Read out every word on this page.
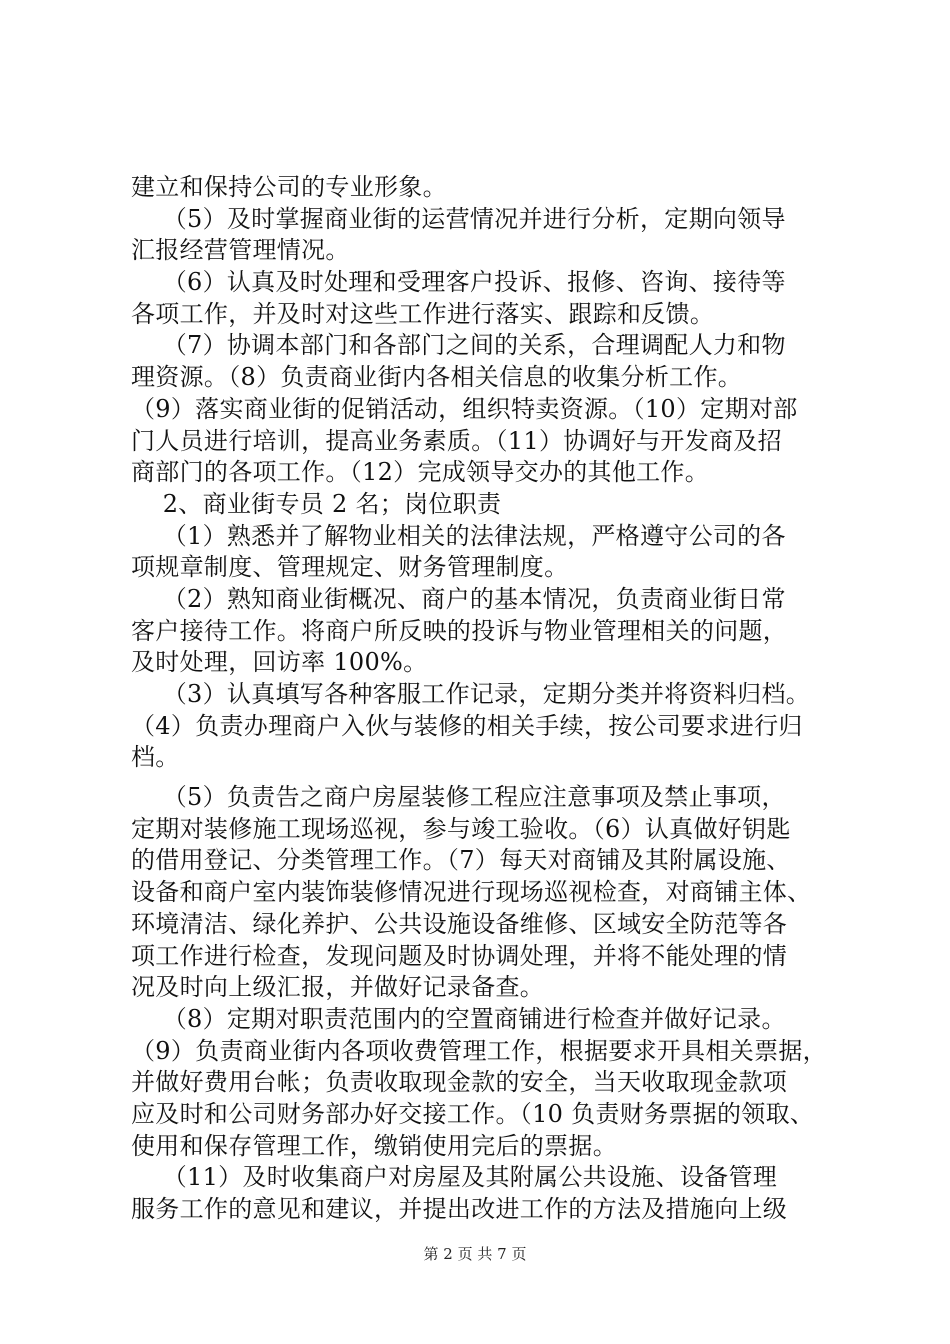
建立和保持公司的专业形象。
（5）及时掌握商业街的运营情况并进行分析，定期向领导
汇报经营管理情况。
（6）认真及时处理和受理客户投诉、报修、咨询、接待等
各项工作，并及时对这些工作进行落实、跟踪和反馈。
（7）协调本部门和各部门之间的关系，合理调配人力和物
理资源。（8）负责商业街内各相关信息的收集分析工作。
（9）落实商业街的促销活动，组织特卖资源。（10）定期对部
门人员进行培训，提高业务素质。（11）协调好与开发商及招
商部门的各项工作。（12）完成领导交办的其他工作。
2、商业街专员 2 名；岗位职责
（1）熟悉并了解物业相关的法律法规，严格遵守公司的各
项规章制度、管理规定、财务管理制度。
（2）熟知商业街概况、商户的基本情况，负责商业街日常
客户接待工作。将商户所反映的投诉与物业管理相关的问题，
及时处理，回访率 100%。
（3）认真填写各种客服工作记录，定期分类并将资料归档。
（4）负责办理商户入伙与装修的相关手续，按公司要求进行归
档。
（5）负责告之商户房屋装修工程应注意事项及禁止事项，
定期对装修施工现场巡视，参与竣工验收。（6）认真做好钥匙
的借用登记、分类管理工作。（7）每天对商铺及其附属设施、
设备和商户室内装饰装修情况进行现场巡视检查，对商铺主体、
环境清洁、绿化养护、公共设施设备维修、区域安全防范等各
项工作进行检查，发现问题及时协调处理，并将不能处理的情
况及时向上级汇报，并做好记录备查。
（8）定期对职责范围内的空置商铺进行检查并做好记录。
（9）负责商业街内各项收费管理工作，根据要求开具相关票据，
并做好费用台帐；负责收取现金款的安全，当天收取现金款项
应及时和公司财务部办好交接工作。（10 负责财务票据的领取、
使用和保存管理工作，缴销使用完后的票据。
（11）及时收集商户对房屋及其附属公共设施、设备管理
服务工作的意见和建议，并提出改进工作的方法及措施向上级
第 2 页 共 7 页
